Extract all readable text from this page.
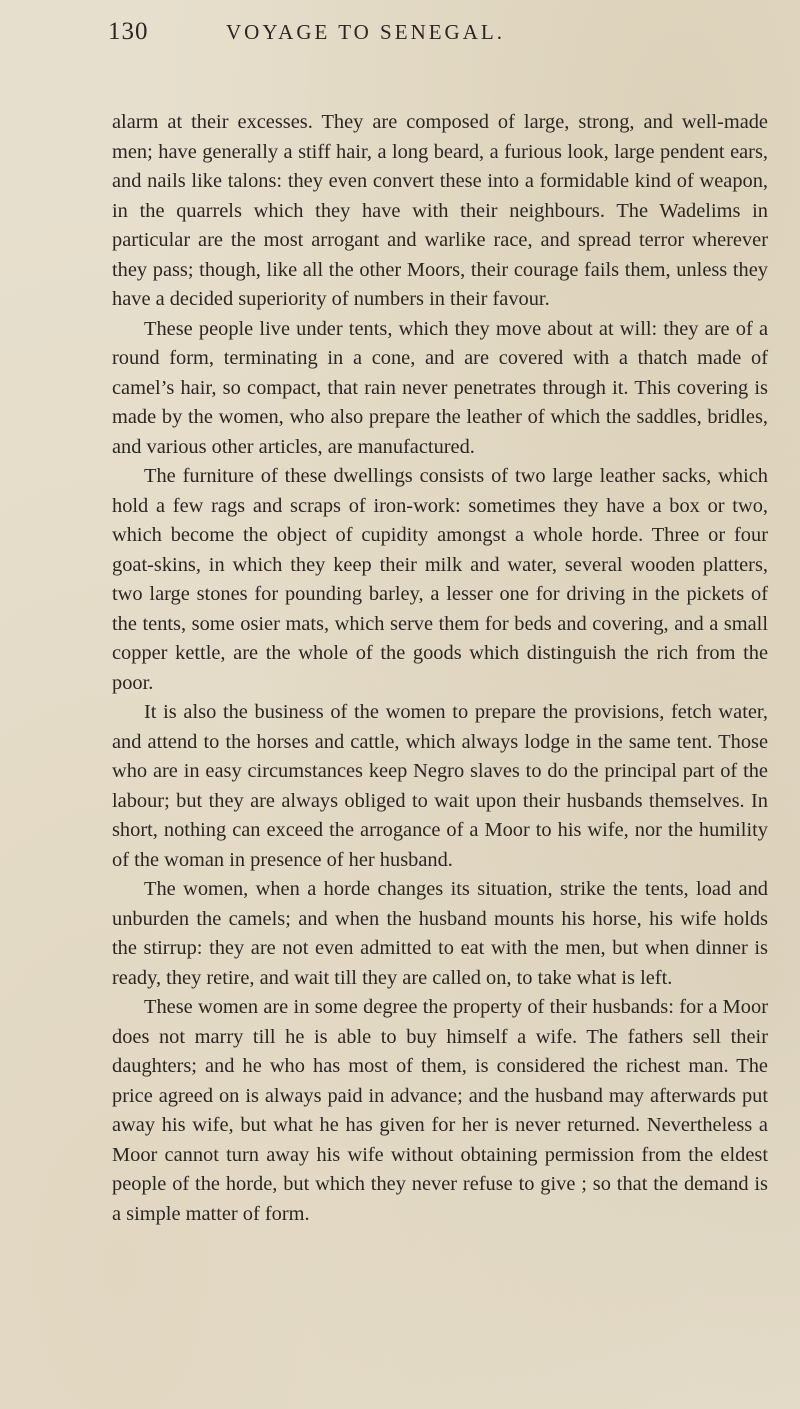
130	VOYAGE TO SENEGAL.

alarm at their excesses. They are composed of large, strong, and well-made men; have generally a stiff hair, a long beard, a furious look, large pendent ears, and nails like talons: they even convert these into a formidable kind of weapon, in the quarrels which they have with their neighbours. The Wadelims in particular are the most arrogant and warlike race, and spread terror wherever they pass; though, like all the other Moors, their courage fails them, unless they have a decided superiority of numbers in their favour.

These people live under tents, which they move about at will: they are of a round form, terminating in a cone, and are covered with a thatch made of camel’s hair, so compact, that rain never penetrates through it. This covering is made by the women, who also prepare the leather of which the saddles, bridles, and various other articles, are manufactured.

The furniture of these dwellings consists of two large leather sacks, which hold a few rags and scraps of iron-work: sometimes they have a box or two, which become the object of cupidity amongst a whole horde. Three or four goat-skins, in which they keep their milk and water, several wooden platters, two large stones for pounding barley, a lesser one for driving in the pickets of the tents, some osier mats, which serve them for beds and covering, and a small copper kettle, are the whole of the goods which distinguish the rich from the poor.

It is also the business of the women to prepare the provisions, fetch water, and attend to the horses and cattle, which always lodge in the same tent. Those who are in easy circumstances keep Negro slaves to do the principal part of the labour; but they are always obliged to wait upon their husbands themselves. In short, nothing can exceed the arrogance of a Moor to his wife, nor the humility of the woman in presence of her husband.

The women, when a horde changes its situation, strike the tents, load and unburden the camels; and when the husband mounts his horse, his wife holds the stirrup: they are not even admitted to eat with the men, but when dinner is ready, they retire, and wait till they are called on, to take what is left.

These women are in some degree the property of their husbands: for a Moor does not marry till he is able to buy himself a wife. The fathers sell their daughters; and he who has most of them, is considered the richest man. The price agreed on is always paid in advance; and the husband may afterwards put away his wife, but what he has given for her is never returned. Nevertheless a Moor cannot turn away his wife without obtaining permission from the eldest people of the horde, but which they never refuse to give ; so that the demand is a simple matter of form.
